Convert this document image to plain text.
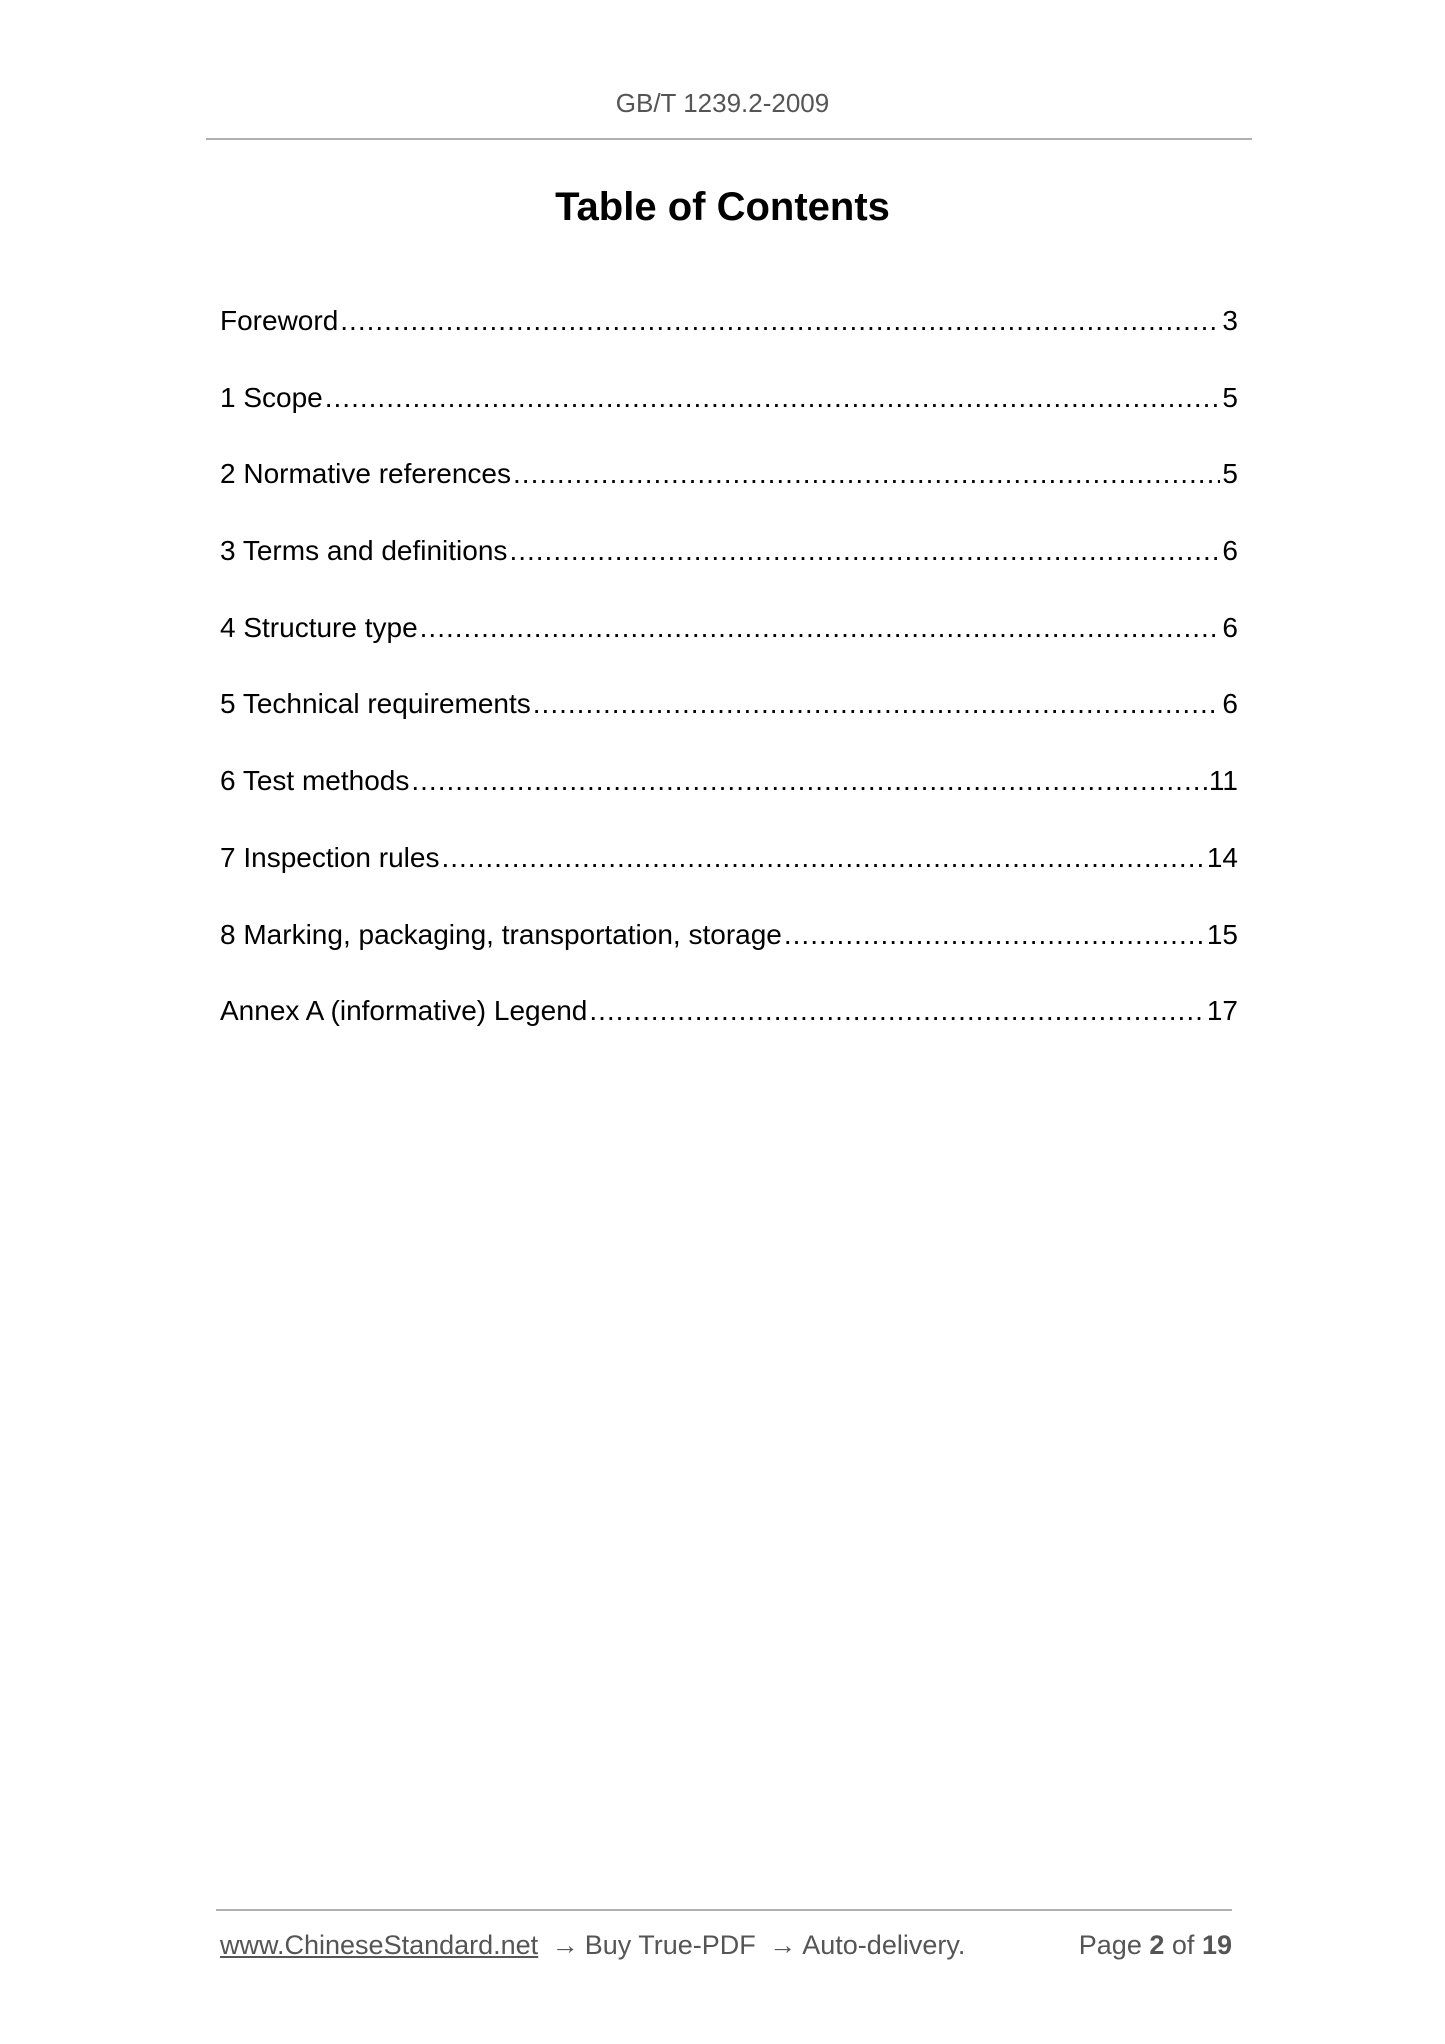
GB/T 1239.2-2009
Table of Contents
Foreword .....	3
1 Scope .....	5
2 Normative references .....	5
3 Terms and definitions .....	6
4 Structure type .....	6
5 Technical requirements .....	6
6 Test methods .....	11
7 Inspection rules .....	14
8 Marking, packaging, transportation, storage .....	15
Annex A (informative) Legend .....	17
www.ChineseStandard.net → Buy True-PDF → Auto-delivery.	Page 2 of 19
